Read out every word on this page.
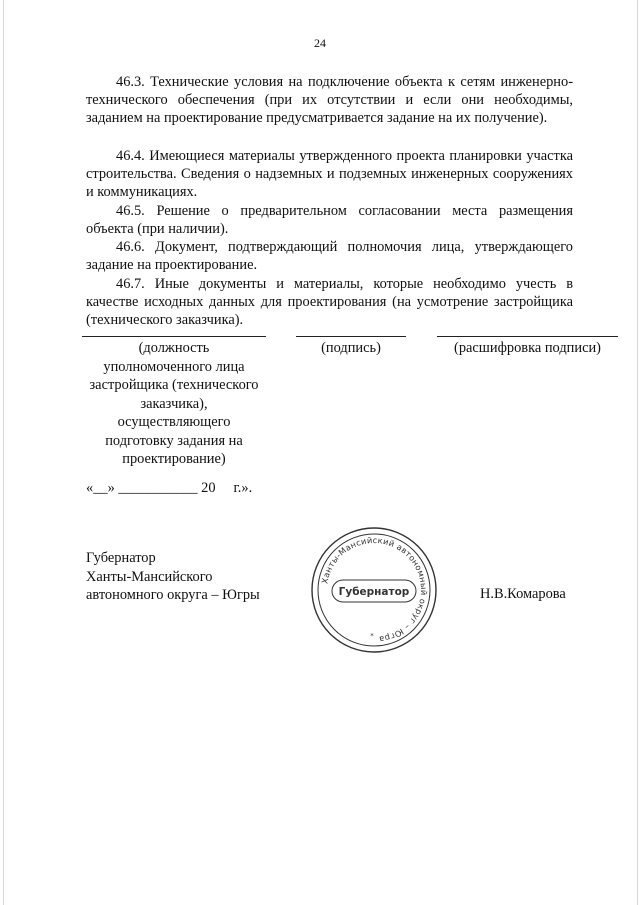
24

46.3. Технические условия на подключение объекта к сетям инженерно-технического обеспечения (при их отсутствии и если они необходимы, заданием на проектирование предусматривается задание на их получение).

46.4. Имеющиеся материалы утвержденного проекта планировки участка строительства. Сведения о надземных и подземных инженерных сооружениях и коммуникациях.

46.5. Решение о предварительном согласовании места размещения объекта (при наличии).

46.6. Документ, подтверждающий полномочия лица, утверждающего задание на проектирование.

46.7. Иные документы и материалы, которые необходимо учесть в качестве исходных данных для проектирования (на усмотрение застройщика (технического заказчика).

(должность
уполномоченного лица
застройщика (технического
заказчика),
осуществляющего
подготовку задания на
проектирование)
(подпись)	(расшифровка подписи)
«__» ___________ 20     г.».
Губернатор
Ханты-Мансийского
автономного округа – Югры
Ханты-Мансийский автономный округ – Югра
Губернатор
*
Н.В.Комарова
